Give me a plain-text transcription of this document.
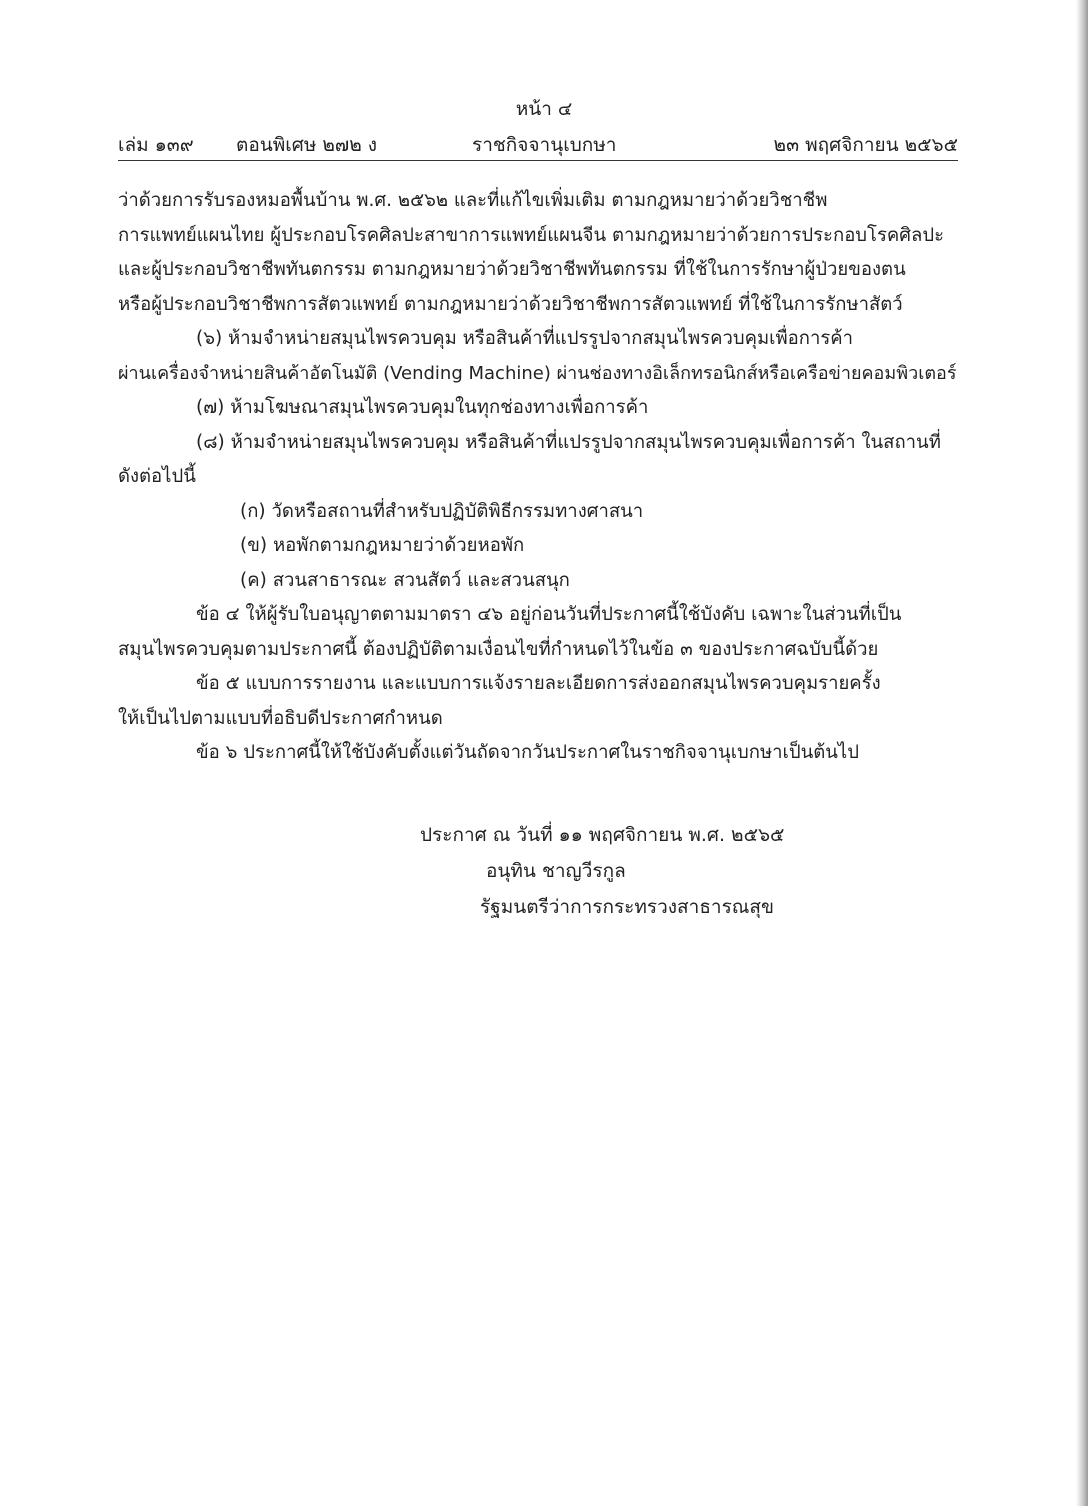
หน้า ๔
เล่ม ๑๓๙ ตอนพิเศษ ๒๗๒ ง	ราชกิจจานุเบกษา	๒๓ พฤศจิกายน ๒๕๖๕
ว่าด้วยการรับรองหมอพื้นบ้าน พ.ศ. ๒๕๖๒ และที่แก้ไขเพิ่มเติม ตามกฎหมายว่าด้วยวิชาชีพ
การแพทย์แผนไทย ผู้ประกอบโรคศิลปะสาขาการแพทย์แผนจีน ตามกฎหมายว่าด้วยการประกอบโรคศิลปะ
และผู้ประกอบวิชาชีพทันตกรรม ตามกฎหมายว่าด้วยวิชาชีพทันตกรรม ที่ใช้ในการรักษาผู้ป่วยของตน
หรือผู้ประกอบวิชาชีพการสัตวแพทย์ ตามกฎหมายว่าด้วยวิชาชีพการสัตวแพทย์ ที่ใช้ในการรักษาสัตว์
(๖) ห้ามจำหน่ายสมุนไพรควบคุม หรือสินค้าที่แปรรูปจากสมุนไพรควบคุมเพื่อการค้า
ผ่านเครื่องจำหน่ายสินค้าอัตโนมัติ (Vending Machine) ผ่านช่องทางอิเล็กทรอนิกส์หรือเครือข่ายคอมพิวเตอร์
(๗) ห้ามโฆษณาสมุนไพรควบคุมในทุกช่องทางเพื่อการค้า
(๘) ห้ามจำหน่ายสมุนไพรควบคุม หรือสินค้าที่แปรรูปจากสมุนไพรควบคุมเพื่อการค้า ในสถานที่
ดังต่อไปนี้
(ก) วัดหรือสถานที่สำหรับปฏิบัติพิธีกรรมทางศาสนา
(ข) หอพักตามกฎหมายว่าด้วยหอพัก
(ค) สวนสาธารณะ สวนสัตว์ และสวนสนุก
ข้อ ๔ ให้ผู้รับใบอนุญาตตามมาตรา ๔๖ อยู่ก่อนวันที่ประกาศนี้ใช้บังคับ เฉพาะในส่วนที่เป็น
สมุนไพรควบคุมตามประกาศนี้ ต้องปฏิบัติตามเงื่อนไขที่กำหนดไว้ในข้อ ๓ ของประกาศฉบับนี้ด้วย
ข้อ ๕ แบบการรายงาน และแบบการแจ้งรายละเอียดการส่งออกสมุนไพรควบคุมรายครั้ง
ให้เป็นไปตามแบบที่อธิบดีประกาศกำหนด
ข้อ ๖ ประกาศนี้ให้ใช้บังคับตั้งแต่วันถัดจากวันประกาศในราชกิจจานุเบกษาเป็นต้นไป
ประกาศ ณ วันที่ ๑๑ พฤศจิกายน พ.ศ. ๒๕๖๕
อนุทิน ชาญวีรกูล
รัฐมนตรีว่าการกระทรวงสาธารณสุข
